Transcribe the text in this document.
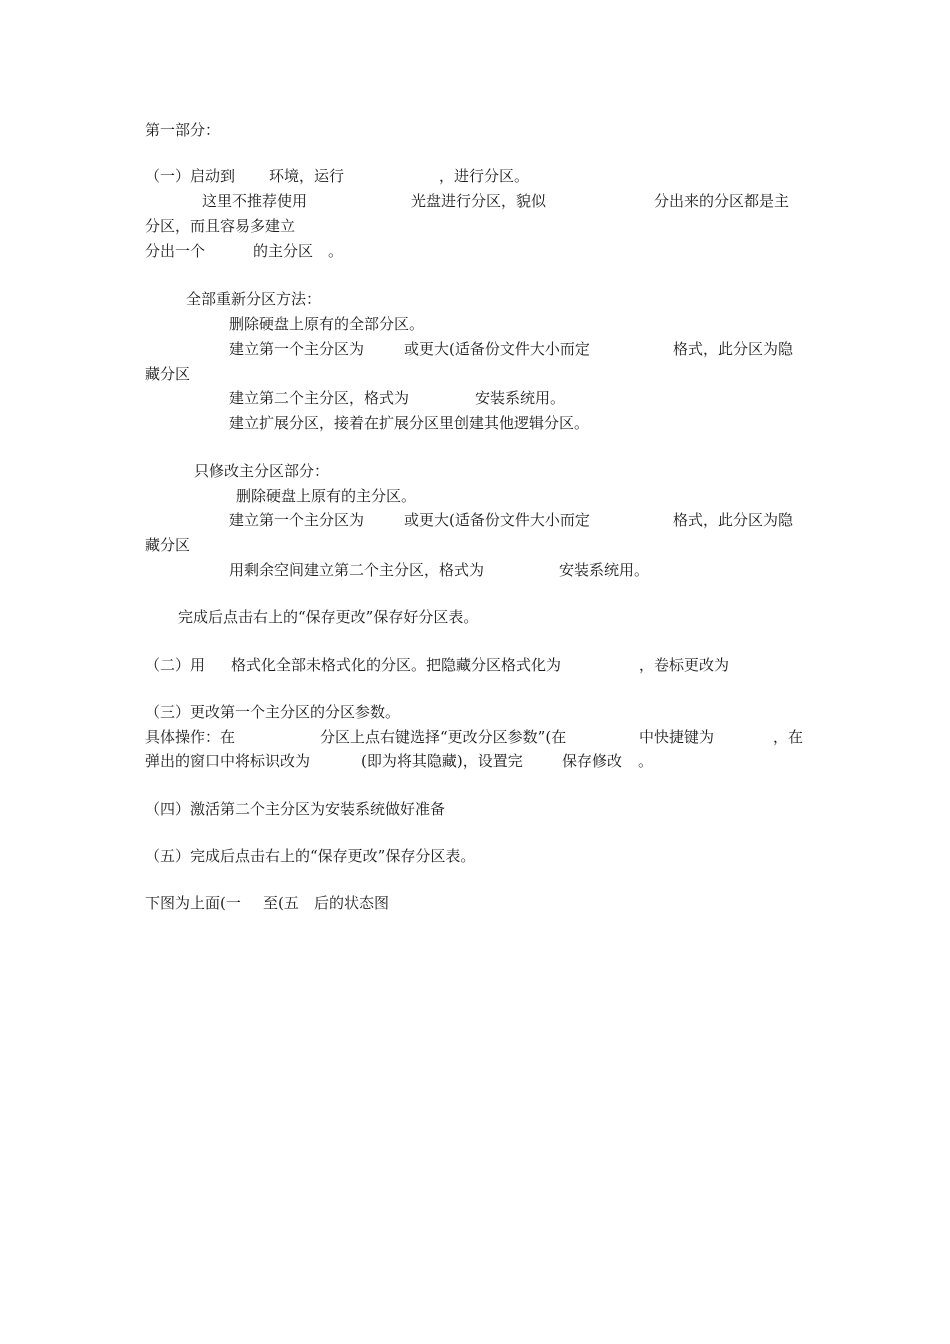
第一部分：
（一）启动到 环境，运行	，进行分区。
这里不推荐使用	光盘进行分区，貌似	分出来的分区都是主
分区，而且容易多建立
分出一个	的主分区 。
全部重新分区方法：
删除硬盘上原有的全部分区。
建立第一个主分区为	或更大(适备份文件大小而定	格式，此分区为隐
藏分区
建立第二个主分区，格式为	安装系统用。
建立扩展分区，接着在扩展分区里创建其他逻辑分区。
只修改主分区部分：
删除硬盘上原有的主分区。
建立第一个主分区为	或更大(适备份文件大小而定	格式，此分区为隐
藏分区
用剩余空间建立第二个主分区，格式为	安装系统用。
完成后点击右上的“保存更改”保存好分区表。
（二）用 格式化全部未格式化的分区。把隐藏分区格式化为	，卷标更改为
（三）更改第一个主分区的分区参数。
具体操作：在	分区上点右键选择“更改分区参数”(在	中快捷键为	，在
弹出的窗口中将标识改为	(即为将其隐藏)，设置完	保存修改 。
（四）激活第二个主分区为安装系统做好准备
（五）完成后点击右上的“保存更改”保存分区表。
下图为上面(一 至(五 后的状态图
